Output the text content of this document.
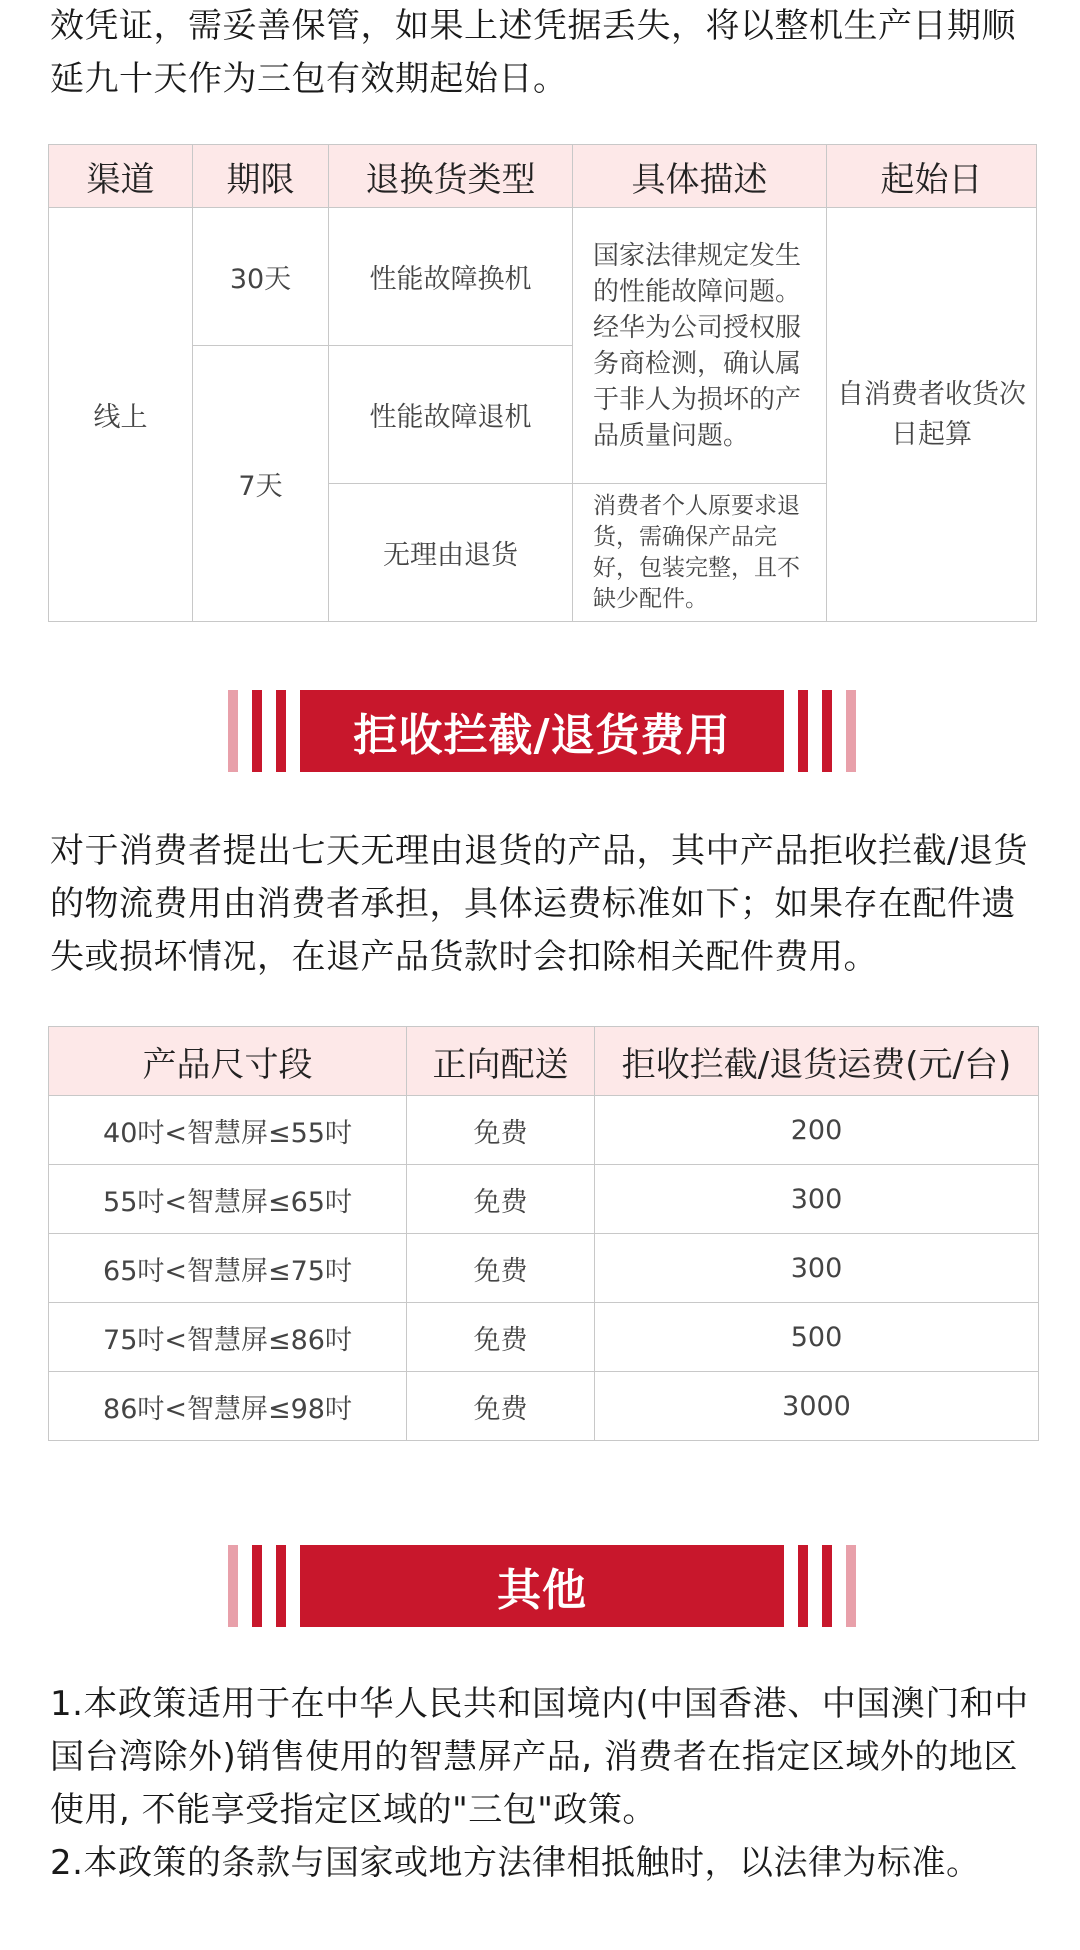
效凭证，需妥善保管，如果上述凭据丢失，将以整机生产日期顺延九十天作为三包有效期起始日。

渠道	期限	退换货类型	具体描述	起始日
线上	30天	性能故障换机	国家法律规定发生的性能故障问题。经华为公司授权服务商检测，确认属于非人为损坏的产品质量问题。	自消费者收货次日起算
	7天	性能故障退机		
		无理由退货	消费者个人原要求退货，需确保产品完好，包装完整，且不缺少配件。	
拒收拦截/退货费用

对于消费者提出七天无理由退货的产品，其中产品拒收拦截/退货的物流费用由消费者承担，具体运费标准如下；如果存在配件遗失或损坏情况，在退产品货款时会扣除相关配件费用。

产品尺寸段	正向配送	拒收拦截/退货运费(元/台)
40吋<智慧屏≤55吋	免费	200
55吋<智慧屏≤65吋	免费	300
65吋<智慧屏≤75吋	免费	300
75吋<智慧屏≤86吋	免费	500
86吋<智慧屏≤98吋	免费	3000
其他
1.本政策适用于在中华人民共和国境内(中国香港、中国澳门和中国台湾除外)销售使用的智慧屏产品, 消费者在指定区域外的地区使用, 不能享受指定区域的"三包"政策。
2.本政策的条款与国家或地方法律相抵触时，以法律为标准。
